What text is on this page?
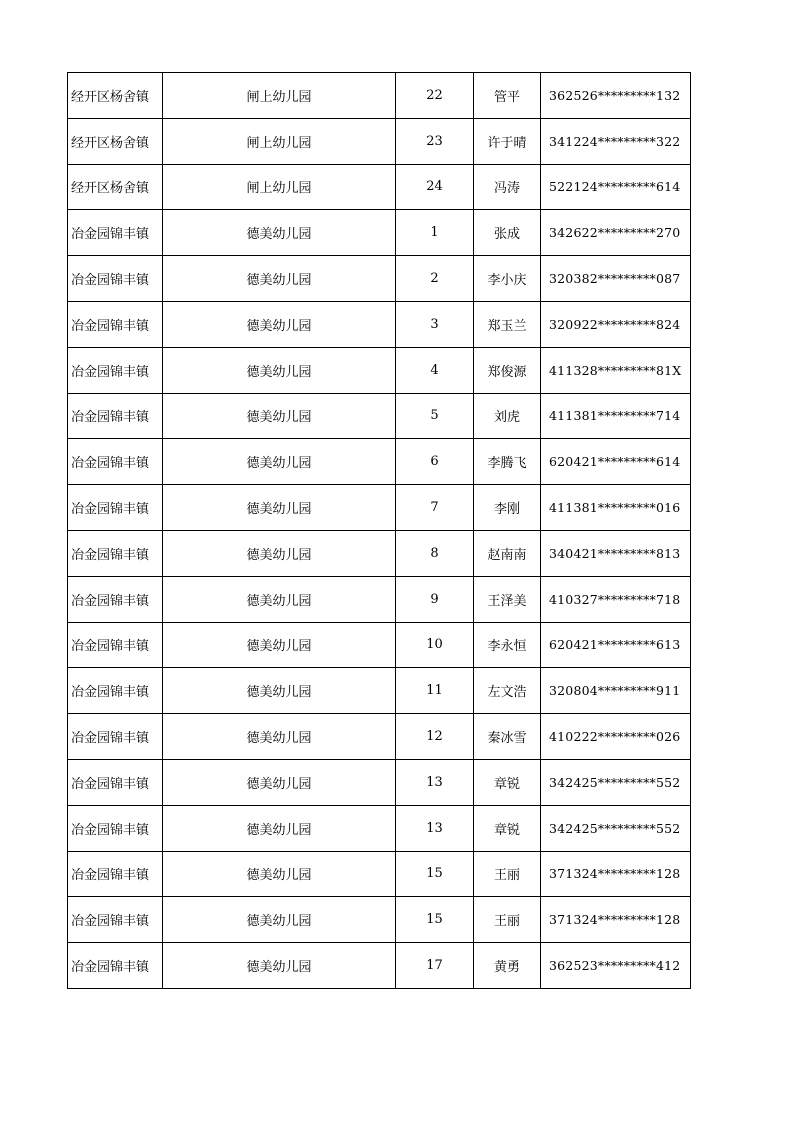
经开区杨舍镇	闸上幼儿园	22	管平	362526*********132
经开区杨舍镇	闸上幼儿园	23	许于晴	341224*********322
经开区杨舍镇	闸上幼儿园	24	冯涛	522124*********614
冶金园锦丰镇	德美幼儿园	1	张成	342622*********270
冶金园锦丰镇	德美幼儿园	2	李小庆	320382*********087
冶金园锦丰镇	德美幼儿园	3	郑玉兰	320922*********824
冶金园锦丰镇	德美幼儿园	4	郑俊源	411328*********81X
冶金园锦丰镇	德美幼儿园	5	刘虎	411381*********714
冶金园锦丰镇	德美幼儿园	6	李腾飞	620421*********614
冶金园锦丰镇	德美幼儿园	7	李刚	411381*********016
冶金园锦丰镇	德美幼儿园	8	赵南南	340421*********813
冶金园锦丰镇	德美幼儿园	9	王泽美	410327*********718
冶金园锦丰镇	德美幼儿园	10	李永恒	620421*********613
冶金园锦丰镇	德美幼儿园	11	左文浩	320804*********911
冶金园锦丰镇	德美幼儿园	12	秦冰雪	410222*********026
冶金园锦丰镇	德美幼儿园	13	章锐	342425*********552
冶金园锦丰镇	德美幼儿园	13	章锐	342425*********552
冶金园锦丰镇	德美幼儿园	15	王丽	371324*********128
冶金园锦丰镇	德美幼儿园	15	王丽	371324*********128
冶金园锦丰镇	德美幼儿园	17	黄勇	362523*********412
